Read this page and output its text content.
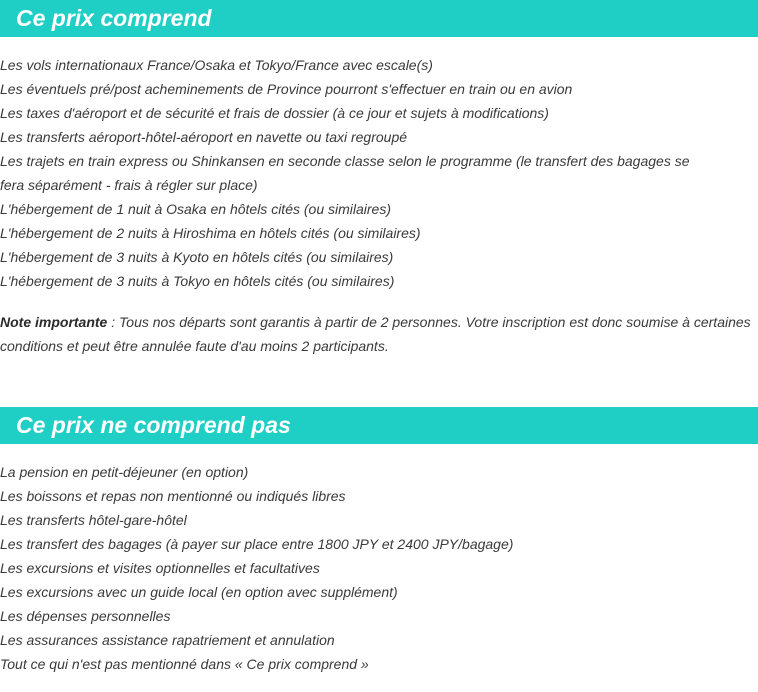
Ce prix comprend
Les vols internationaux France/Osaka et Tokyo/France avec escale(s)
Les éventuels pré/post acheminements de Province pourront s'effectuer en train ou en avion
Les taxes d'aéroport et de sécurité et frais de dossier (à ce jour et sujets à modifications)
Les transferts aéroport-hôtel-aéroport en navette ou taxi regroupé
Les trajets en train express ou Shinkansen en seconde classe selon le programme (le transfert des bagages se fera séparément - frais à régler sur place)
L'hébergement de 1 nuit à Osaka en hôtels cités (ou similaires)
L'hébergement de 2 nuits à Hiroshima en hôtels cités (ou similaires)
L'hébergement de 3 nuits à Kyoto en hôtels cités (ou similaires)
L'hébergement de 3 nuits à Tokyo en hôtels cités (ou similaires)

Note importante : Tous nos départs sont garantis à partir de 2 personnes. Votre inscription est donc soumise à certaines conditions et peut être annulée faute d'au moins 2 participants.

Ce prix ne comprend pas
La pension en petit-déjeuner (en option)
Les boissons et repas non mentionné ou indiqués libres
Les transferts hôtel-gare-hôtel
Les transfert des bagages (à payer sur place entre 1800 JPY et 2400 JPY/bagage)
Les excursions et visites optionnelles et facultatives
Les excursions avec un guide local (en option avec supplément)
Les dépenses personnelles
Les assurances assistance rapatriement et annulation
Tout ce qui n'est pas mentionné dans « Ce prix comprend »
